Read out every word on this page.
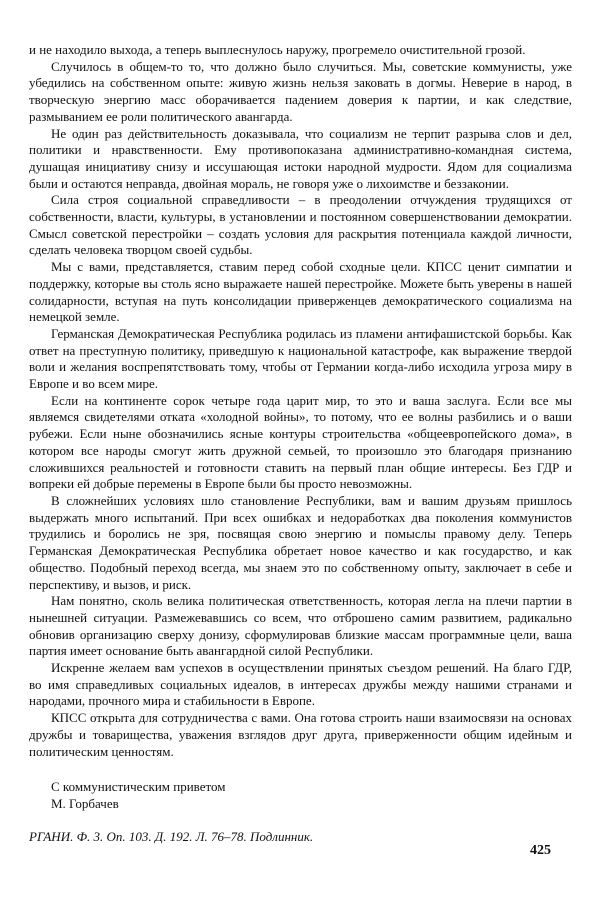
и не находило выхода, а теперь выплеснулось наружу, прогремело очистительной грозой.

Случилось в общем-то то, что должно было случиться. Мы, советские коммунисты, уже убедились на собственном опыте: живую жизнь нельзя заковать в догмы. Неверие в народ, в творческую энергию масс оборачивается падением доверия к партии, и как следствие, размыванием ее роли политического авангарда.

Не один раз действительность доказывала, что социализм не терпит разрыва слов и дел, политики и нравственности. Ему противопоказана административно-командная система, душащая инициативу снизу и иссушающая истоки народной мудрости. Ядом для социализма были и остаются неправда, двойная мораль, не говоря уже о лихоимстве и беззаконии.

Сила строя социальной справедливости – в преодолении отчуждения трудящихся от собственности, власти, культуры, в установлении и постоянном совершенствовании демократии. Смысл советской перестройки – создать условия для раскрытия потенциала каждой личности, сделать человека творцом своей судьбы.

Мы с вами, представляется, ставим перед собой сходные цели. КПСС ценит симпатии и поддержку, которые вы столь ясно выражаете нашей перестройке. Можете быть уверены в нашей солидарности, вступая на путь консолидации приверженцев демократического социализма на немецкой земле.

Германская Демократическая Республика родилась из пламени антифашистской борьбы. Как ответ на преступную политику, приведшую к национальной катастрофе, как выражение твердой воли и желания воспрепятствовать тому, чтобы от Германии когда-либо исходила угроза миру в Европе и во всем мире.

Если на континенте сорок четыре года царит мир, то это и ваша заслуга. Если все мы являемся свидетелями отката «холодной войны», то потому, что ее волны разбились и о ваши рубежи. Если ныне обозначились ясные контуры строительства «общеевропейского дома», в котором все народы смогут жить дружной семьей, то произошло это благодаря признанию сложившихся реальностей и готовности ставить на первый план общие интересы. Без ГДР и вопреки ей добрые перемены в Европе были бы просто невозможны.

В сложнейших условиях шло становление Республики, вам и вашим друзьям пришлось выдержать много испытаний. При всех ошибках и недоработках два поколения коммунистов трудились и боролись не зря, посвящая свою энергию и помыслы правому делу. Теперь Германская Демократическая Республика обретает новое качество и как государство, и как общество. Подобный переход всегда, мы знаем это по собственному опыту, заключает в себе и перспективу, и вызов, и риск.

Нам понятно, сколь велика политическая ответственность, которая легла на плечи партии в нынешней ситуации. Размежевавшись со всем, что отброшено самим развитием, радикально обновив организацию сверху донизу, сформулировав близкие массам программные цели, ваша партия имеет основание быть авангардной силой Республики.

Искренне желаем вам успехов в осуществлении принятых съездом решений. На благо ГДР, во имя справедливых социальных идеалов, в интересах дружбы между нашими странами и народами, прочного мира и стабильности в Европе.

КПСС открыта для сотрудничества с вами. Она готова строить наши взаимосвязи на основах дружбы и товарищества, уважения взглядов друг друга, приверженности общим идейным и политическим ценностям.

С коммунистическим приветом
М. Горбачев
РГАНИ. Ф. 3. Оп. 103. Д. 192. Л. 76–78. Подлинник.
425
